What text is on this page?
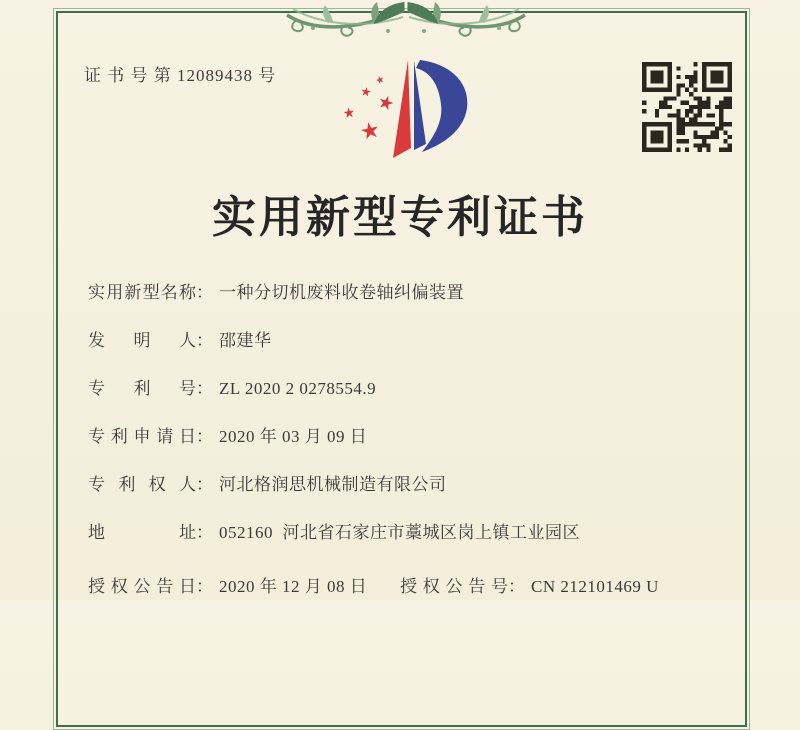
证 书 号 第 12089438 号
实用新型专利证书
实用新型名称： 一种分切机废料收卷轴纠偏装置
发明人： 邵建华
专利号： ZL 2020 2 0278554.9
专利申请日： 2020 年 03 月 09 日
专利权人： 河北格润思机械制造有限公司
地址： 052160  河北省石家庄市藁城区岗上镇工业园区
授权公告日： 2020 年 12 月 08 日 授权公告号： CN 212101469 U
